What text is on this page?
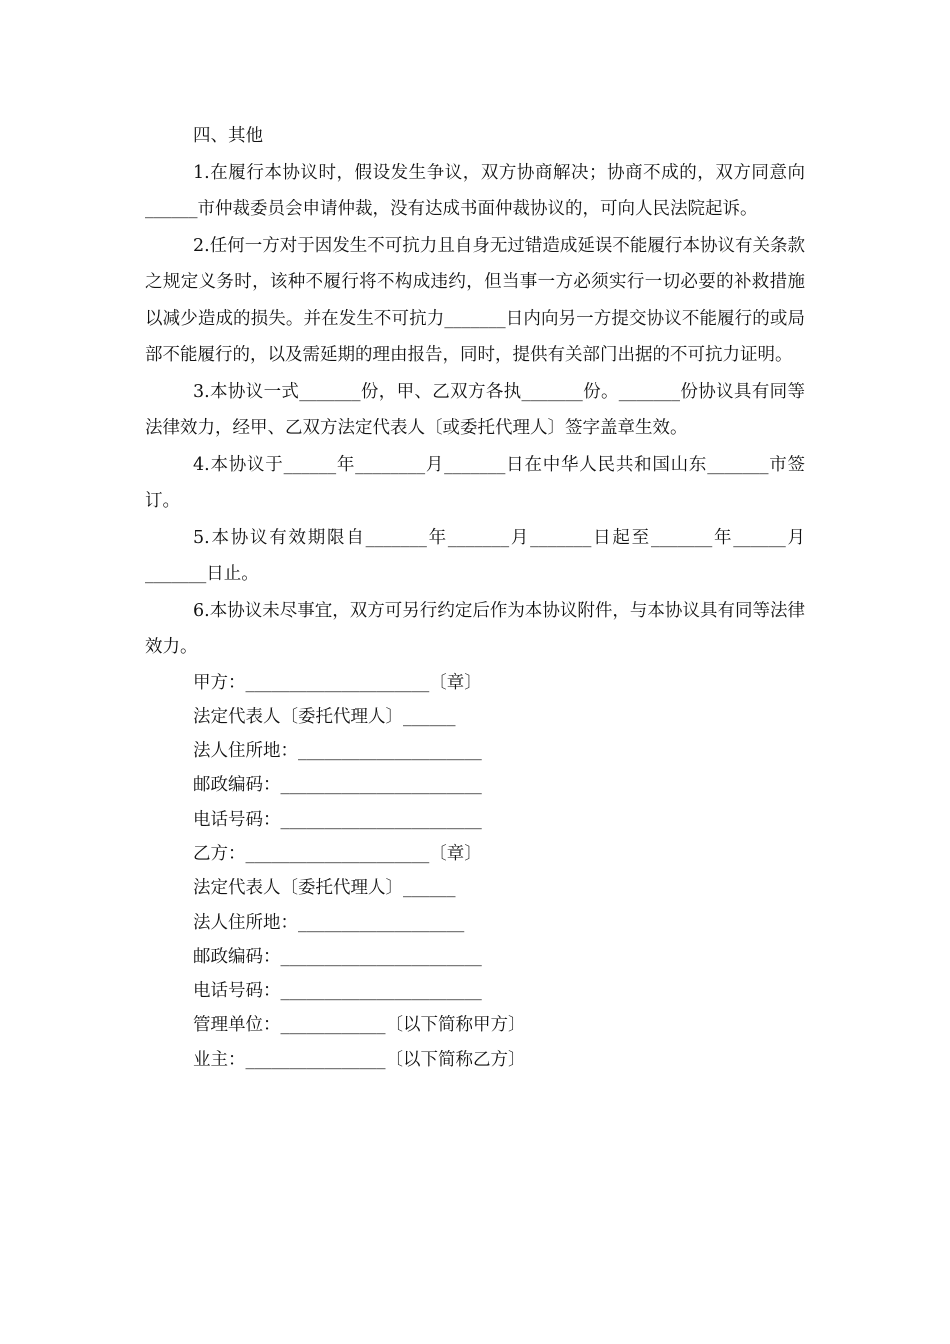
四、其他

1.在履行本协议时，假设发生争议，双方协商解决；协商不成的，双方同意向______市仲裁委员会申请仲裁，没有达成书面仲裁协议的，可向人民法院起诉。

2.任何一方对于因发生不可抗力且自身无过错造成延误不能履行本协议有关条款之规定义务时，该种不履行将不构成违约，但当事一方必须实行一切必要的补救措施以减少造成的损失。并在发生不可抗力_______日内向另一方提交协议不能履行的或局部不能履行的，以及需延期的理由报告，同时，提供有关部门出据的不可抗力证明。

3.本协议一式_______份，甲、乙双方各执_______份。_______份协议具有同等法律效力，经甲、乙双方法定代表人〔或委托代理人〕签字盖章生效。

4.本协议于______年________月_______日在中华人民共和国山东_______市签订。

5.本协议有效期限自_______年_______月_______日起至_______年______月_______日止。

6.本协议未尽事宜，双方可另行约定后作为本协议附件，与本协议具有同等法律效力。

甲方：_____________________〔章〕

法定代表人〔委托代理人〕______

法人住所地：_____________________

邮政编码：_______________________

电话号码：_______________________

乙方：_____________________〔章〕

法定代表人〔委托代理人〕______

法人住所地：___________________

邮政编码：_______________________

电话号码：_______________________

管理单位：____________〔以下简称甲方〕

业主：________________〔以下简称乙方〕
